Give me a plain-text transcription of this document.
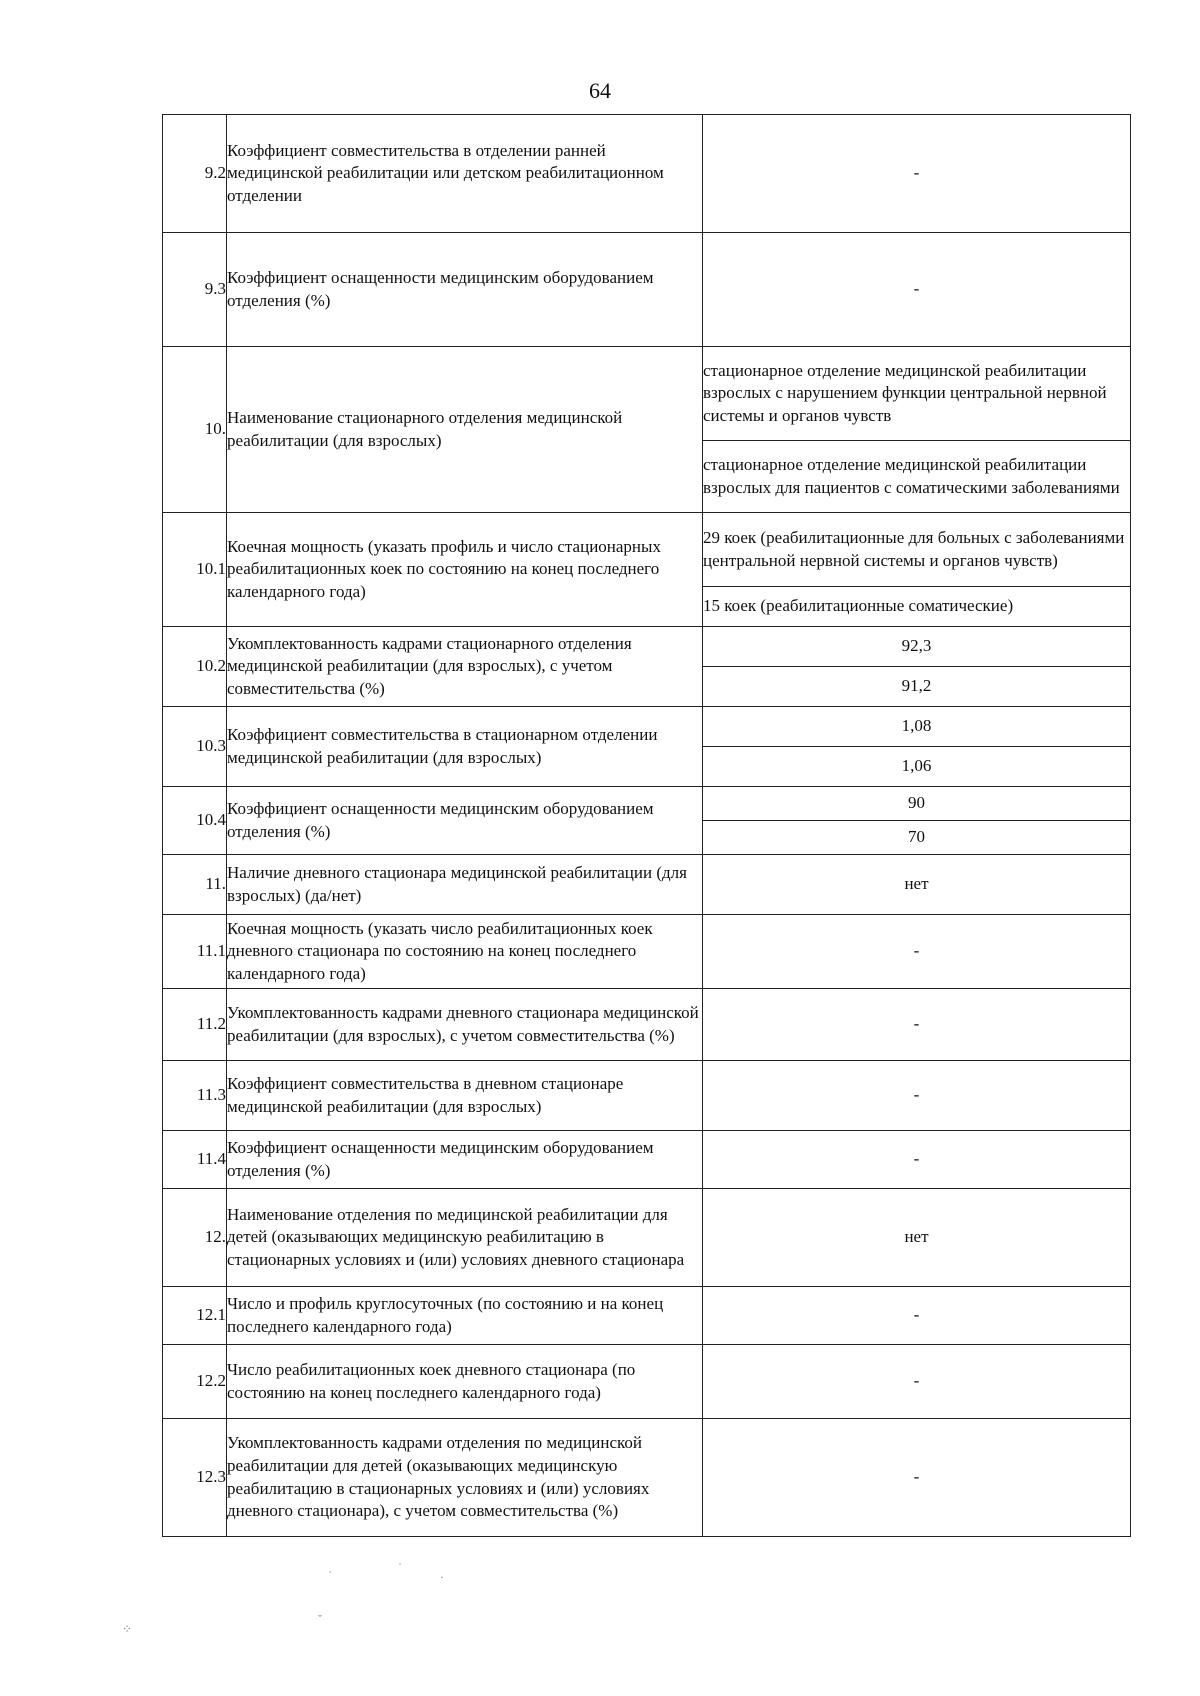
64
9.2	Коэффициент совместительства в отделении ранней медицинской реабилитации или детском реабилитационном отделении	-
9.3	Коэффициент оснащенности медицинским оборудованием отделения (%)	-
10.	Наименование стационарного отделения медицинской реабилитации (для взрослых)	стационарное отделение медицинской реабилитации взрослых с нарушением функции центральной нервной системы и органов чувств
		стационарное отделение медицинской реабилитации взрослых для пациентов с соматическими заболеваниями
10.1	Коечная мощность (указать профиль и число стационарных реабилитационных коек по состоянию на конец последнего календарного года)	29 коек (реабилитационные для больных с заболеваниями центральной нервной системы и органов чувств)
		15 коек (реабилитационные соматические)
10.2	Укомплектованность кадрами стационарного отделения медицинской реабилитации (для взрослых), с учетом совместительства (%)	92,3
		91,2
10.3	Коэффициент совместительства в стационарном отделении медицинской реабилитации (для взрослых)	1,08
		1,06
10.4	Коэффициент оснащенности медицинским оборудованием отделения (%)	90
		70
11.	Наличие дневного стационара медицинской реабилитации (для взрослых) (да/нет)	нет
11.1	Коечная мощность (указать число реабилитационных коек дневного стационара по состоянию на конец последнего календарного года)	-
11.2	Укомплектованность кадрами дневного стационара медицинской реабилитации (для взрослых), с учетом совместительства (%)	-
11.3	Коэффициент совместительства в дневном стационаре медицинской реабилитации (для взрослых)	-
11.4	Коэффициент оснащенности медицинским оборудованием отделения (%)	-
12.	Наименование отделения по медицинской реабилитации для детей (оказывающих медицинскую реабилитацию в стационарных условиях и (или) условиях дневного стационара	нет
12.1	Число и профиль круглосуточных (по состоянию и на конец последнего календарного года)	-
12.2	Число реабилитационных коек дневного стационара (по состоянию на конец последнего календарного года)	-
12.3	Укомплектованность кадрами отделения по медицинской реабилитации для детей (оказывающих медицинскую реабилитацию в стационарных условиях и (или) условиях дневного стационара), с учетом совместительства (%)	-
˙
˙
·
˘
⁘
